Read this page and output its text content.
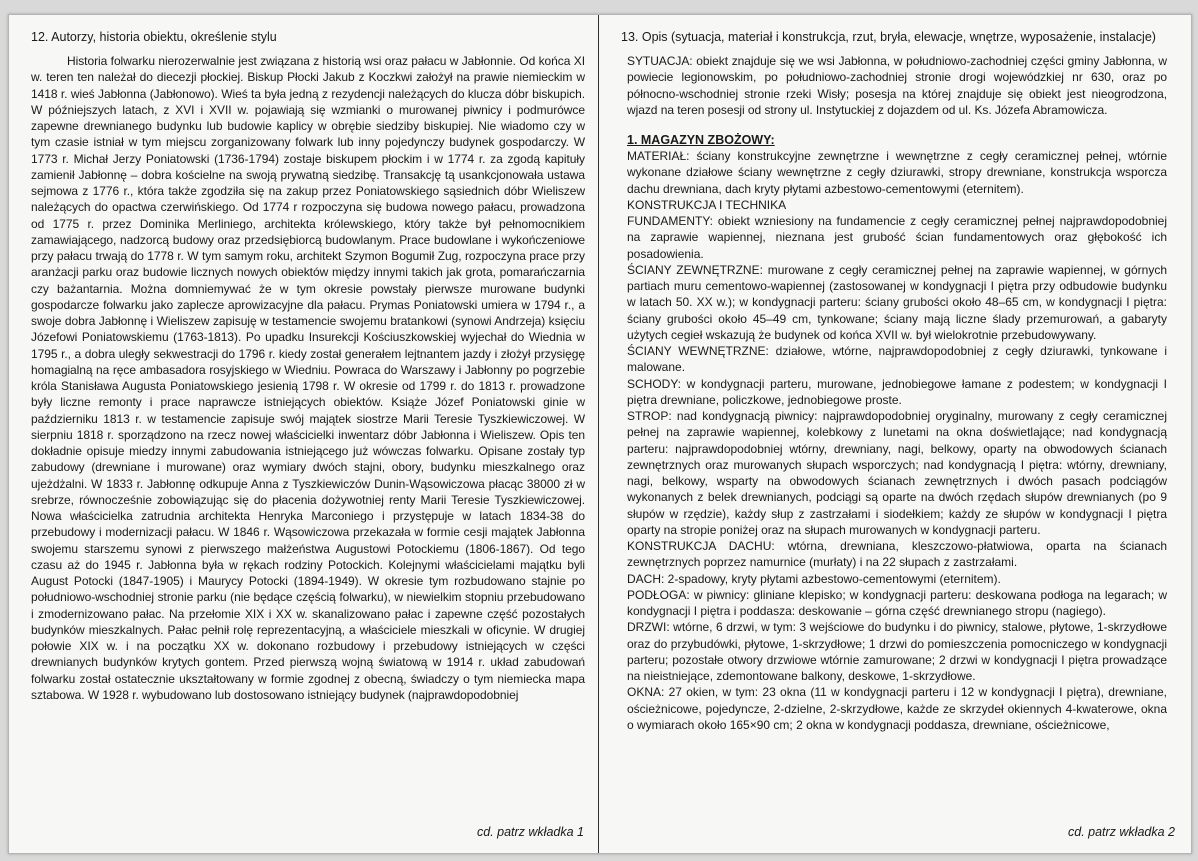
12. Autorzy, historia obiektu, określenie stylu

Historia folwarku nierozerwalnie jest związana z historią wsi oraz pałacu w Jabłonnie. Od końca XI w. teren ten należał do diecezji płockiej. Biskup Płocki Jakub z Koczkwi założył na prawie niemieckim w 1418 r. wieś Jabłonna (Jabłonowo). Wieś ta była jedną z rezydencji należących do klucza dóbr biskupich. W późniejszych latach, z XVI i XVII w. pojawiają się wzmianki o murowanej piwnicy i podmurówce zapewne drewnianego budynku lub budowie kaplicy w obrębie siedziby biskupiej. Nie wiadomo czy w tym czasie istniał w tym miejscu zorganizowany folwark lub inny pojedynczy budynek gospodarczy. W 1773 r. Michał Jerzy Poniatowski (1736-1794) zostaje biskupem płockim i w 1774 r. za zgodą kapituły zamienił Jabłonnę – dobra kościelne na swoją prywatną siedzibę. Transakcję tą usankcjonowała ustawa sejmowa z 1776 r., która także zgodziła się na zakup przez Poniatowskiego sąsiednich dóbr Wieliszew należących do opactwa czerwińskiego. Od 1774 r rozpoczyna się budowa nowego pałacu, prowadzona od 1775 r. przez Dominika Merliniego, architekta królewskiego, który także był pełnomocnikiem zamawiającego, nadzorcą budowy oraz przedsiębiorcą budowlanym. Prace budowlane i wykończeniowe przy pałacu trwają do 1778 r. W tym samym roku, architekt Szymon Bogumił Zug, rozpoczyna prace przy aranżacji parku oraz budowie licznych nowych obiektów między innymi takich jak grota, pomarańczarnia czy bażantarnia. Można domniemywać że w tym okresie powstały pierwsze murowane budynki gospodarcze folwarku jako zaplecze aprowizacyjne dla pałacu. Prymas Poniatowski umiera w 1794 r., a swoje dobra Jabłonnę i Wieliszew zapisuję w testamencie swojemu bratankowi (synowi Andrzeja) księciu Józefowi Poniatowskiemu (1763-1813). Po upadku Insurekcji Kościuszkowskiej wyjechał do Wiednia w 1795 r., a dobra uległy sekwestracji do 1796 r. kiedy został generałem lejtnantem jazdy i złożył przysięgę homagialną na ręce ambasadora rosyjskiego w Wiedniu. Powraca do Warszawy i Jabłonny po pogrzebie króla Stanisława Augusta Poniatowskiego jesienią 1798 r. W okresie od 1799 r. do 1813 r. prowadzone były liczne remonty i prace naprawcze istniejących obiektów. Książe Józef Poniatowski ginie w październiku 1813 r. w testamencie zapisuje swój majątek siostrze Marii Teresie Tyszkiewiczowej. W sierpniu 1818 r. sporządzono na rzecz nowej właścicielki inwentarz dóbr Jabłonna i Wieliszew. Opis ten dokładnie opisuje miedzy innymi zabudowania istniejącego już wówczas folwarku. Opisane zostały typ zabudowy (drewniane i murowane) oraz wymiary dwóch stajni, obory, budynku mieszkalnego oraz ujeżdżalni. W 1833 r. Jabłonnę odkupuje Anna z Tyszkiewiczów Dunin-Wąsowiczowa płacąc 38000 zł w srebrze, równocześnie zobowiązując się do płacenia dożywotniej renty Marii Teresie Tyszkiewiczowej. Nowa właścicielka zatrudnia architekta Henryka Marconiego i przystępuje w latach 1834-38 do przebudowy i modernizacji pałacu. W 1846 r. Wąsowiczowa przekazała w formie cesji majątek Jabłonna swojemu starszemu synowi z pierwszego małżeństwa Augustowi Potockiemu (1806-1867). Od tego czasu aż do 1945 r. Jabłonna była w rękach rodziny Potockich. Kolejnymi właścicielami majątku byli August Potocki (1847-1905) i Maurycy Potocki (1894-1949). W okresie tym rozbudowano stajnie po południowo-wschodniej stronie parku (nie będące częścią folwarku), w niewielkim stopniu przebudowano i zmodernizowano pałac. Na przełomie XIX i XX w. skanalizowano pałac i zapewne część pozostałych budynków mieszkalnych. Pałac pełnił rolę reprezentacyjną, a właściciele mieszkali w oficynie. W drugiej połowie XIX w. i na początku XX w. dokonano rozbudowy i przebudowy istniejących w części drewnianych budynków krytych gontem. Przed pierwszą wojną światową w 1914 r. układ zabudowań folwarku został ostatecznie ukształtowany w formie zgodnej z obecną, świadczy o tym niemiecka mapa sztabowa. W 1928 r. wybudowano lub dostosowano istniejący budynek (najprawdopodobniej

cd. patrz wkładka 1
13. Opis (sytuacja, materiał i konstrukcja, rzut, bryła, elewacje, wnętrze, wyposażenie, instalacje)

SYTUACJA: obiekt znajduje się we wsi Jabłonna, w południowo-zachodniej części gminy Jabłonna, w powiecie legionowskim, po południowo-zachodniej stronie drogi wojewódzkiej nr 630, oraz po północno-wschodniej stronie rzeki Wisły; posesja na której znajduje się obiekt jest nieogrodzona, wjazd na teren posesji od strony ul. Instytuckiej z dojazdem od ul. Ks. Józefa Abramowicza.

1. MAGAZYN ZBOŻOWY:

MATERIAŁ: ściany konstrukcyjne zewnętrzne i wewnętrzne z cegły ceramicznej pełnej, wtórnie wykonane działowe ściany wewnętrzne z cegły dziurawki, stropy drewniane, konstrukcja wsporcza dachu drewniana, dach kryty płytami azbestowo-cementowymi (eternitem).

KONSTRUKCJA I TECHNIKA

FUNDAMENTY: obiekt wzniesiony na fundamencie z cegły ceramicznej pełnej najprawdopodobniej na zaprawie wapiennej, nieznana jest grubość ścian fundamentowych oraz głębokość ich posadowienia.

ŚCIANY ZEWNĘTRZNE: murowane z cegły ceramicznej pełnej na zaprawie wapiennej, w górnych partiach muru cementowo-wapiennej (zastosowanej w kondygnacji I piętra przy odbudowie budynku w latach 50. XX w.); w kondygnacji parteru: ściany grubości około 48–65 cm, w kondygnacji I piętra: ściany grubości około 45–49 cm, tynkowane; ściany mają liczne ślady przemurowań, a gabaryty użytych cegieł wskazują że budynek od końca XVII w. był wielokrotnie przebudowywany.

ŚCIANY WEWNĘTRZNE: działowe, wtórne, najprawdopodobniej z cegły dziurawki, tynkowane i malowane.

SCHODY: w kondygnacji parteru, murowane, jednobiegowe łamane z podestem; w kondygnacji I piętra drewniane, policzkowe, jednobiegowe proste.

STROP: nad kondygnacją piwnicy: najprawdopodobniej oryginalny, murowany z cegły ceramicznej pełnej na zaprawie wapiennej, kolebkowy z lunetami na okna doświetlające; nad kondygnacją parteru: najprawdopodobniej wtórny, drewniany, nagi, belkowy, oparty na obwodowych ścianach zewnętrznych oraz murowanych słupach wsporczych; nad kondygnacją I piętra: wtórny, drewniany, nagi, belkowy, wsparty na obwodowych ścianach zewnętrznych i dwóch pasach podciągów wykonanych z belek drewnianych, podciągi są oparte na dwóch rzędach słupów drewnianych (po 9 słupów w rzędzie), każdy słup z zastrzałami i siodełkiem; każdy ze słupów w kondygnacji I piętra oparty na stropie poniżej oraz na słupach murowanych w kondygnacji parteru.

KONSTRUKCJA DACHU: wtórna, drewniana, kleszczowo-płatwiowa, oparta na ścianach zewnętrznych poprzez namurnice (murłaty) i na 22 słupach z zastrzałami.

DACH: 2-spadowy, kryty płytami azbestowo-cementowymi (eternitem).

PODŁOGA: w piwnicy: gliniane klepisko; w kondygnacji parteru: deskowana podłoga na legarach; w kondygnacji I piętra i poddasza: deskowanie – górna część drewnianego stropu (nagiego).

DRZWI: wtórne, 6 drzwi, w tym: 3 wejściowe do budynku i do piwnicy, stalowe, płytowe, 1-skrzydłowe oraz do przybudówki, płytowe, 1-skrzydłowe; 1 drzwi do pomieszczenia pomocniczego w kondygnacji parteru; pozostałe otwory drzwiowe wtórnie zamurowane; 2 drzwi w kondygnacji I piętra prowadzące na nieistniejące, zdemontowane balkony, deskowe, 1-skrzydłowe.

OKNA: 27 okien, w tym: 23 okna (11 w kondygnacji parteru i 12 w kondygnacji I piętra), drewniane, ościeżnicowe, pojedyncze, 2-dzielne, 2-skrzydłowe, każde ze skrzydeł okiennych 4-kwaterowe, okna o wymiarach około 165×90 cm; 2 okna w kondygnacji poddasza, drewniane, ościeżnicowe,

cd. patrz wkładka 2
